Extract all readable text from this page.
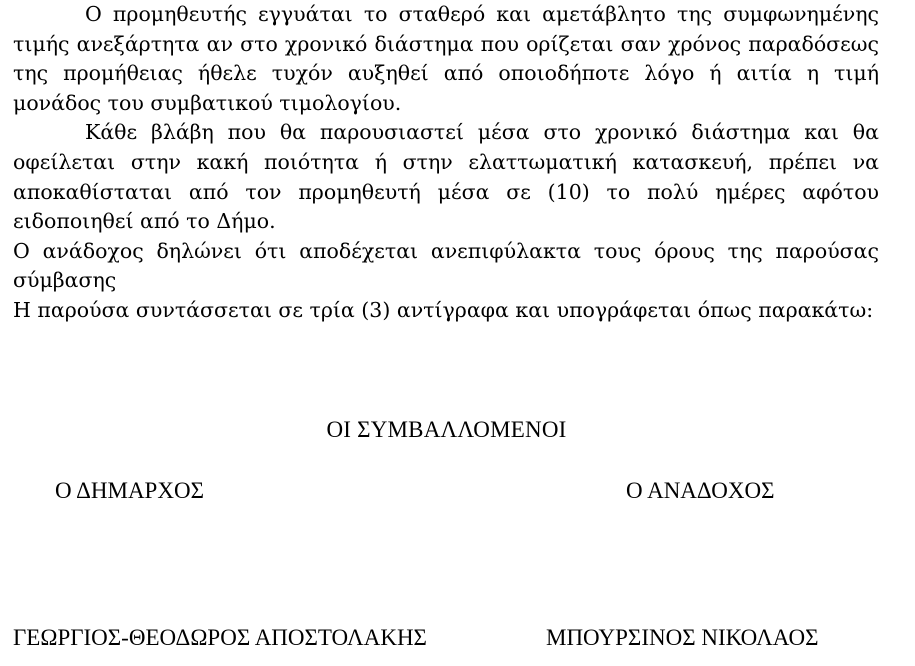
Ο προμηθευτής εγγυάται το σταθερό και αμετάβλητο της συμφωνημένης τιμής ανεξάρτητα αν στο χρονικό διάστημα που ορίζεται σαν χρόνος παραδόσεως της προμήθειας ήθελε τυχόν αυξηθεί από οποιοδήποτε λόγο ή αιτία η τιμή μονάδος του συμβατικού τιμολογίου.

Κάθε βλάβη που θα παρουσιαστεί μέσα στο χρονικό διάστημα και θα οφείλεται στην κακή ποιότητα ή στην ελαττωματική κατασκευή, πρέπει να αποκαθίσταται από τον προμηθευτή μέσα σε (10) το πολύ ημέρες αφότου ειδοποιηθεί από το Δήμο.

Ο ανάδοχος δηλώνει ότι αποδέχεται ανεπιφύλακτα τους όρους της παρούσας σύμβασης

Η παρούσα συντάσσεται σε τρία (3) αντίγραφα και υπογράφεται όπως παρακάτω:

ΟΙ ΣΥΜΒΑΛΛΟΜΕΝΟΙ
Ο ΔΗΜΑΡΧΟΣ	Ο ΑΝΑΔΟΧΟΣ
ΓΕΩΡΓΙΟΣ-ΘΕΟΔΩΡΟΣ ΑΠΟΣΤΟΛΑΚΗΣ	ΜΠΟΥΡΣΙΝΟΣ ΝΙΚΟΛΑΟΣ
